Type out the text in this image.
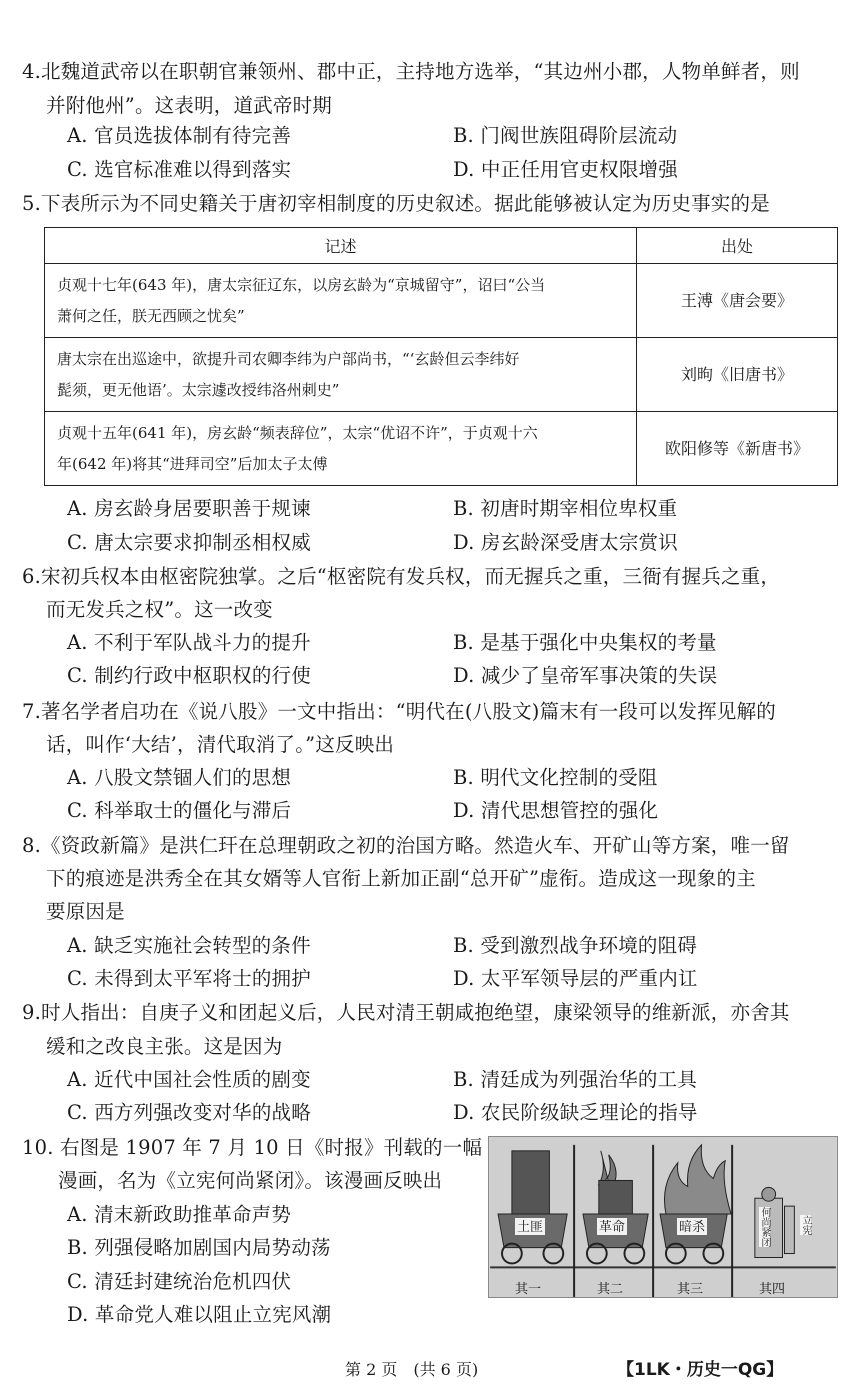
4.北魏道武帝以在职朝官兼领州、郡中正，主持地方选举，“其边州小郡，人物单鲜者，则
并附他州”。这表明，道武帝时期
A. 官员选拔体制有待完善	B. 门阀世族阻碍阶层流动
C. 选官标准难以得到落实	D. 中正任用官吏权限增强
5.下表所示为不同史籍关于唐初宰相制度的历史叙述。据此能够被认定为历史事实的是
记述	出处

贞观十七年(643 年)，唐太宗征辽东，以房玄龄为“京城留守”，诏曰“公当
萧何之任，朕无西顾之忧矣”	王溥《唐会要》

唐太宗在出巡途中，欲提升司农卿李纬为户部尚书，“‘玄龄但云李纬好
髭须，更无他语’。太宗遽改授纬洛州刺史”	刘昫《旧唐书》

贞观十五年(641 年)，房玄龄“频表辞位”，太宗“优诏不许”，于贞观十六
年(642 年)将其“进拜司空”后加太子太傅	欧阳修等《新唐书》
A. 房玄龄身居要职善于规谏	B. 初唐时期宰相位卑权重
C. 唐太宗要求抑制丞相权威	D. 房玄龄深受唐太宗赏识
6.宋初兵权本由枢密院独掌。之后“枢密院有发兵权，而无握兵之重，三衙有握兵之重，
而无发兵之权”。这一改变
A. 不利于军队战斗力的提升	B. 是基于强化中央集权的考量
C. 制约行政中枢职权的行使	D. 减少了皇帝军事决策的失误
7.著名学者启功在《说八股》一文中指出：“明代在(八股文)篇末有一段可以发挥见解的
话，叫作‘大结’，清代取消了。”这反映出
A. 八股文禁锢人们的思想	B. 明代文化控制的受阻
C. 科举取士的僵化与滞后	D. 清代思想管控的强化
8.《资政新篇》是洪仁玕在总理朝政之初的治国方略。然造火车、开矿山等方案，唯一留
下的痕迹是洪秀全在其女婿等人官衔上新加正副“总开矿”虚衔。造成这一现象的主
要原因是
A. 缺乏实施社会转型的条件	B. 受到激烈战争环境的阻碍
C. 未得到太平军将士的拥护	D. 太平军领导层的严重内讧
9.时人指出：自庚子义和团起义后，人民对清王朝咸抱绝望，康梁领导的维新派，亦舍其
缓和之改良主张。这是因为
A. 近代中国社会性质的剧变	B. 清廷成为列强治华的工具
C. 西方列强改变对华的战略	D. 农民阶级缺乏理论的指导
10. 右图是 1907 年 7 月 10 日《时报》刊载的一幅
漫画，名为《立宪何尚紧闭》。该漫画反映出
A. 清末新政助推革命声势
B. 列强侵略加剧国内局势动荡
C. 清廷封建统治危机四伏
D. 革命党人难以阻止立宪风潮
土匪	革命	暗杀	何尚紧闭	立宪
其一	其二	其三	其四
第 2 页　(共 6 页)	【1LK・历史一QG】
